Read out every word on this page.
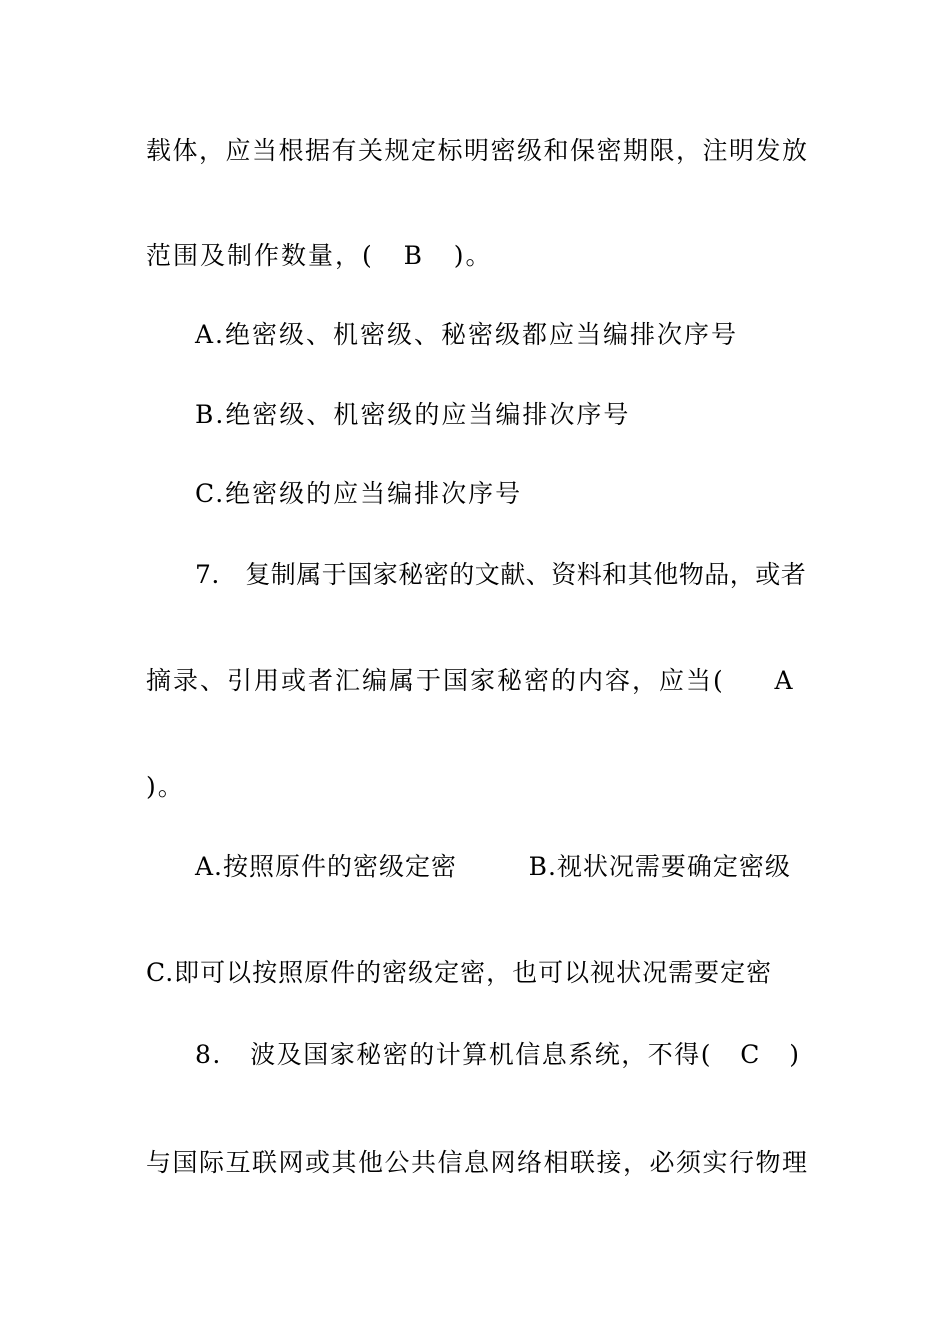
载体，应当根据有关规定标明密级和保密期限，注明发放
范围及制作数量，(   B   )。
A.绝密级、机密级、秘密级都应当编排次序号
B.绝密级、机密级的应当编排次序号
C.绝密级的应当编排次序号
7.   复制属于国家秘密的文献、资料和其他物品，或者
摘录、引用或者汇编属于国家秘密的内容，应当(     A
)。
A.按照原件的密级定密        B.视状况需要确定密级
C.即可以按照原件的密级定密，也可以视状况需要定密
8.   波及国家秘密的计算机信息系统，不得(   C   )
与国际互联网或其他公共信息网络相联接，必须实行物理
